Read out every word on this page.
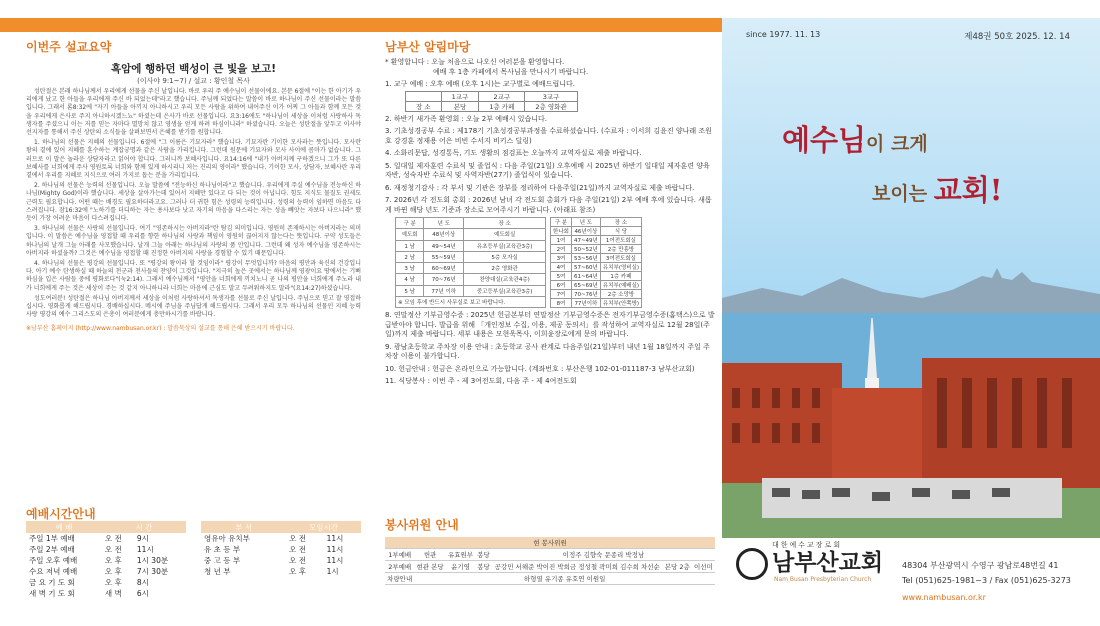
이번주 설교요약
흑암에 행하던 백성이 큰 빛을 보고!
(이사야 9:1~7) / 설교 : 황인철 목사

성탄절은 본래 하나님께서 우리에게 선물을 주신 날입니다. 바로 우리 주 예수님이 선물이에요. 본문 6절에 "이는 한 아기가 우리에게 났고 한 아들을 우리에게 주신 바 되었는데"라고 했습니다. 주님께 되었다는 말씀이 바로 하나님이 주신 선물이라는 말씀입니다. 그래서 롬8:32에 "자기 아들을 아끼지 아니하시고 우리 모든 사람을 위하여 내어주신 이가 어찌 그 아들과 함께 모든 것을 우리에게 은사로 주지 아니하시겠느뇨" 하셨는데 은사가 바로 선물입니다. 요3:16에도 "하나님이 세상을 이처럼 사랑하사 독생자를 주셨으니 이는 저를 믿는 자마다 멸망치 않고 영생을 얻게 하려 하심이니라" 하셨습니다. 오늘은 성탄절을 앞두고 이사야 선지자를 통해서 주신 상탄의 소식들을 살펴보면서 은혜를 받기를 원합니다.

1. 하나님의 선물은 지혜의 선물입니다. 6절에 "그 이름은 기묘자라" 했습니다. 기묘자란 기이한 모사라는 뜻입니다. 모사란 왕의 곁에 있어 지혜를 훈수하는 계잡궁명과 같은 사람을 가리킵니다. 그런데 원문에 기묘자와 모사 사이에 콤마가 없습니다. 그러므로 이 말은 놀라운 상담자라고 읽어야 합니다. 그러니까 보혜사입니다. 요14:16에 "내가 아버지께 구하겠으니 그가 또 다른 보혜사를 너희에게 주사 영원토록 너희와 함께 있게 하시리니 저는 진리의 영이라" 했습니다. 기이한 모사, 상담자, 보혜사란 우리 곁에서 우리를 지혜로 지식으로 여러 가지로 돕는 분을 가리킵니다.

2. 하나님의 선물은 능력의 선물입니다. 오늘 말씀에 "전능하신 하나님이라"고 했습니다. 우리에게 주실 예수님을 전능하신 하나님(Mighty God)이라 했습니다. 세상을 살아가는데 있어서 지혜만 있다고 다 되는 것이 아닙니다. 힘도 지식도 물질도 권세도 근력도 필요합니다. 어떤 때는 배경도 필요하더라고요. 그러나 더 귀한 힘은 성령의 능력입니다. 성령의 능력이 임하면 마음도 다스려집니다. 잠16:32에 "노하기를 더디하는 자는 용사보다 낫고 자기의 마음을 다스리는 자는 성을 빼앗는 자보다 나으니라" 했듯이 가장 어려운 마음이 다스려집니다.

3. 하나님의 선물은 사랑의 선물입니다. 여기 "영존하시는 아버지라"란 탐김 의미입니다. 영원히 존재하시는 아버지라는 의미입니다. 이 말씀은 예수님을 영접할 때 우리를 향한 하나님의 사랑과 책임이 영원히 끊어지지 않는다는 뜻입니다. 구약 성도들은 하나님의 날개 그늘 아래를 사모했습니다. 날개 그늘 아래는 하나님의 사랑의 품 안입니다. 그런데 왜 성자 예수님을 영존하시는 아버지라 하셨을까? 그것은 예수님을 영접할 때 진정한 아버지의 사랑을 경험할 수 있기 때문입니다.

4. 하나님의 선물은 평강의 선물입니다. 또 "평강의 왕이라 할 것임이라" 평강이 무엇입니까? 마음의 평안과 육신의 건강입니다. 아기 예수 탄생하실 때 하늘의 천군과 천사들의 찬양이 그것입니다. "지극히 높은 곳에서는 하나님께 영광이요 땅에서는 기뻐하심을 입은 사람들 중에 평화로다"(눅2:14). 그래서 예수님께서 "평안을 너희에게 끼치노니 곧 나의 평안을 너희에게 주노라 내가 너희에게 주는 것은 세상이 주는 것 같지 아니하니라 너희는 마음에 근심도 말고 두려워하지도 말라"(요14:27)하셨습니다.

성도여러분! 성탄절은 하나님 아버지께서 세상을 이처럼 사랑하셔서 독생자를 선물로 주신 날입니다. 주님으로 믿고 잘 영접하십시다. 영화롭게 해드립시다. 경배하십시다. 메시에 주님을 주님답게 해드립시다. 그래서 우리 모두 하나님의 선물인 지혜 능력 사랑 평강의 예수 그리스도의 은총이 여러분에게 충만하시기를 바랍니다.

※남부산 홈페이지 (http://www.nambusan.or.kr) : 말씀묵상의 설교를 통해 은혜 받으시기 바랍니다.
예배시간안내
예 배	시 간	
주일 1부 예배	오 전	9시
주일 2부 예배	오 전	11시
주일 오후 예배	오 후	1시 30분
수요 저녁 예배	오 후	7시 30분
금 요 기 도 회	오 후	8시
새 벽 기 도 회	새 벽	6시
부 서	모임시간	
영유아 유치부	오 전	11시
유 초 등 부	오 전	11시
중 고 등 부	오 전	11시
청 년 부	오 후	1시
남부산 알림마당
* 환영합니다 : 오늘 처음으로 나오신 여러분을 환영합니다.
예배 후 1층 카페에서 목사님을 만나시기 바랍니다.
1. 교구 예배 : 오후 예배 (오후 1시)는 교구별로 예배드립니다.
	1교구	2교구	3교구
장 소	본당	1층 카페	2층 영화관
2. 하반기 새가족 환영회 : 오늘 2부 예배시 있습니다.
3. 기초성경공부 수료 : 제178기 기초성경공부과정을 수료하셨습니다. (수료자 : 이서희 김윤진 양나래 조원호 강경훈 정재용 어은 비빈 수서지 비키스 딜링)
4. 소화리문답, 성경통독, 기도 생활의 점검표는 오늘까지 교역자실로 제출 바랍니다.
5. 일대일 제자훈련 수료식 및 졸업식 : 다음 주일(21일) 오후예배 시 2025년 하반기 일대일 제자훈련 양육자반, 성숙자반 수료식 및 사역자반(27기) 졸업식이 있습니다.
6. 재정청기감사 : 각 부서 및 기관은 장부를 정리하여 다음주일(21일)까지 교역자실로 제출 바랍니다.
7. 2026년 각 전도회 총회 : 2026년 남녀 각 전도회 총회가 다음 주일(21일) 2부 예배 후에 있습니다. 새롭게 바뀐 해당 년도 기준과 장소로 모여주시기 바랍니다. (아래표 참조)
구 분	년 도	장 소
예도회	48년이상	예도회실
1 남	49~54년	유초등부실(교육관3층)
2 남	55~59년	5층 모자실
3 남	60~69년	2층 영화관
4 남	70~76년	찬양대실(교육관4층)
5 남	77년 이하	중고등부실(교육관3층)
※ 모임 후에 반드시 사무실로 보고 바랍니다.		
구 분	년 도	장 소
한나회	46년이상	식 당
1여	47~49년	1여전도회실
2여	50~52년	2층 만흥방
3여	53~56년	3여전도회실
4여	57~60년	유치부(영비실)
5여	61~64년	1층 카페
6여	65~69년	유치부(예배실)
7여	70~76년	2층 소망방
8여	77년이하	유치부(안쪽방)
8. 연말정산 기부금영수증 : 2025년 헌금본부터 연말정산 기부금영수증은 전자기부금영수증(홈택스)으로 발급받아야 합니다. 발급을 위해 「개인정보 수집, 이용, 제공 동의서」를 작성하여 교역자실로 12월 28일(주일)까지 제출 바랍니다. 세부 내용은 모현욱목사, 이희윤장로에게 문의 바랍니다.
9. 광남초등학교 주차장 이용 안내 : 초등학교 공사 관계로 다음주일(21일)부터 내년 1월 18일까지 주일 주차장 이용이 불가합니다.
10. 헌금안내 : 헌금은 온라인으로 가능합니다. (계좌번호 : 부산은행 102-01-011187-3 남부산교회)
11. 식당봉사 : 이번 주 - 제 3여전도회, 다음 주 - 제 4여전도회
봉사위원 안내
현 봉사위원						
1부예배	헌관	유효원부	봉당	이정주 김향숙 문종리 박정남		
2부예배	현관 본당	윤기영	봉당	공강민 서해준 박이진 박희금 정성철 곽미희 김수희 차선순	본당 2층	이선미
차량안내	하형열 유기종 유호연 이원일					
since 1977. 11. 13	제48권 50호 2025. 12. 14
예수님이 크게
보이는 교회!
대한예수교장로회
남부산교회
Nam Busan Presbyterian Church
48304 부산광역시 수영구 광남로48번길 41
Tel (051)625-1981~3 / Fax (051)625-3273
www.nambusan.or.kr
